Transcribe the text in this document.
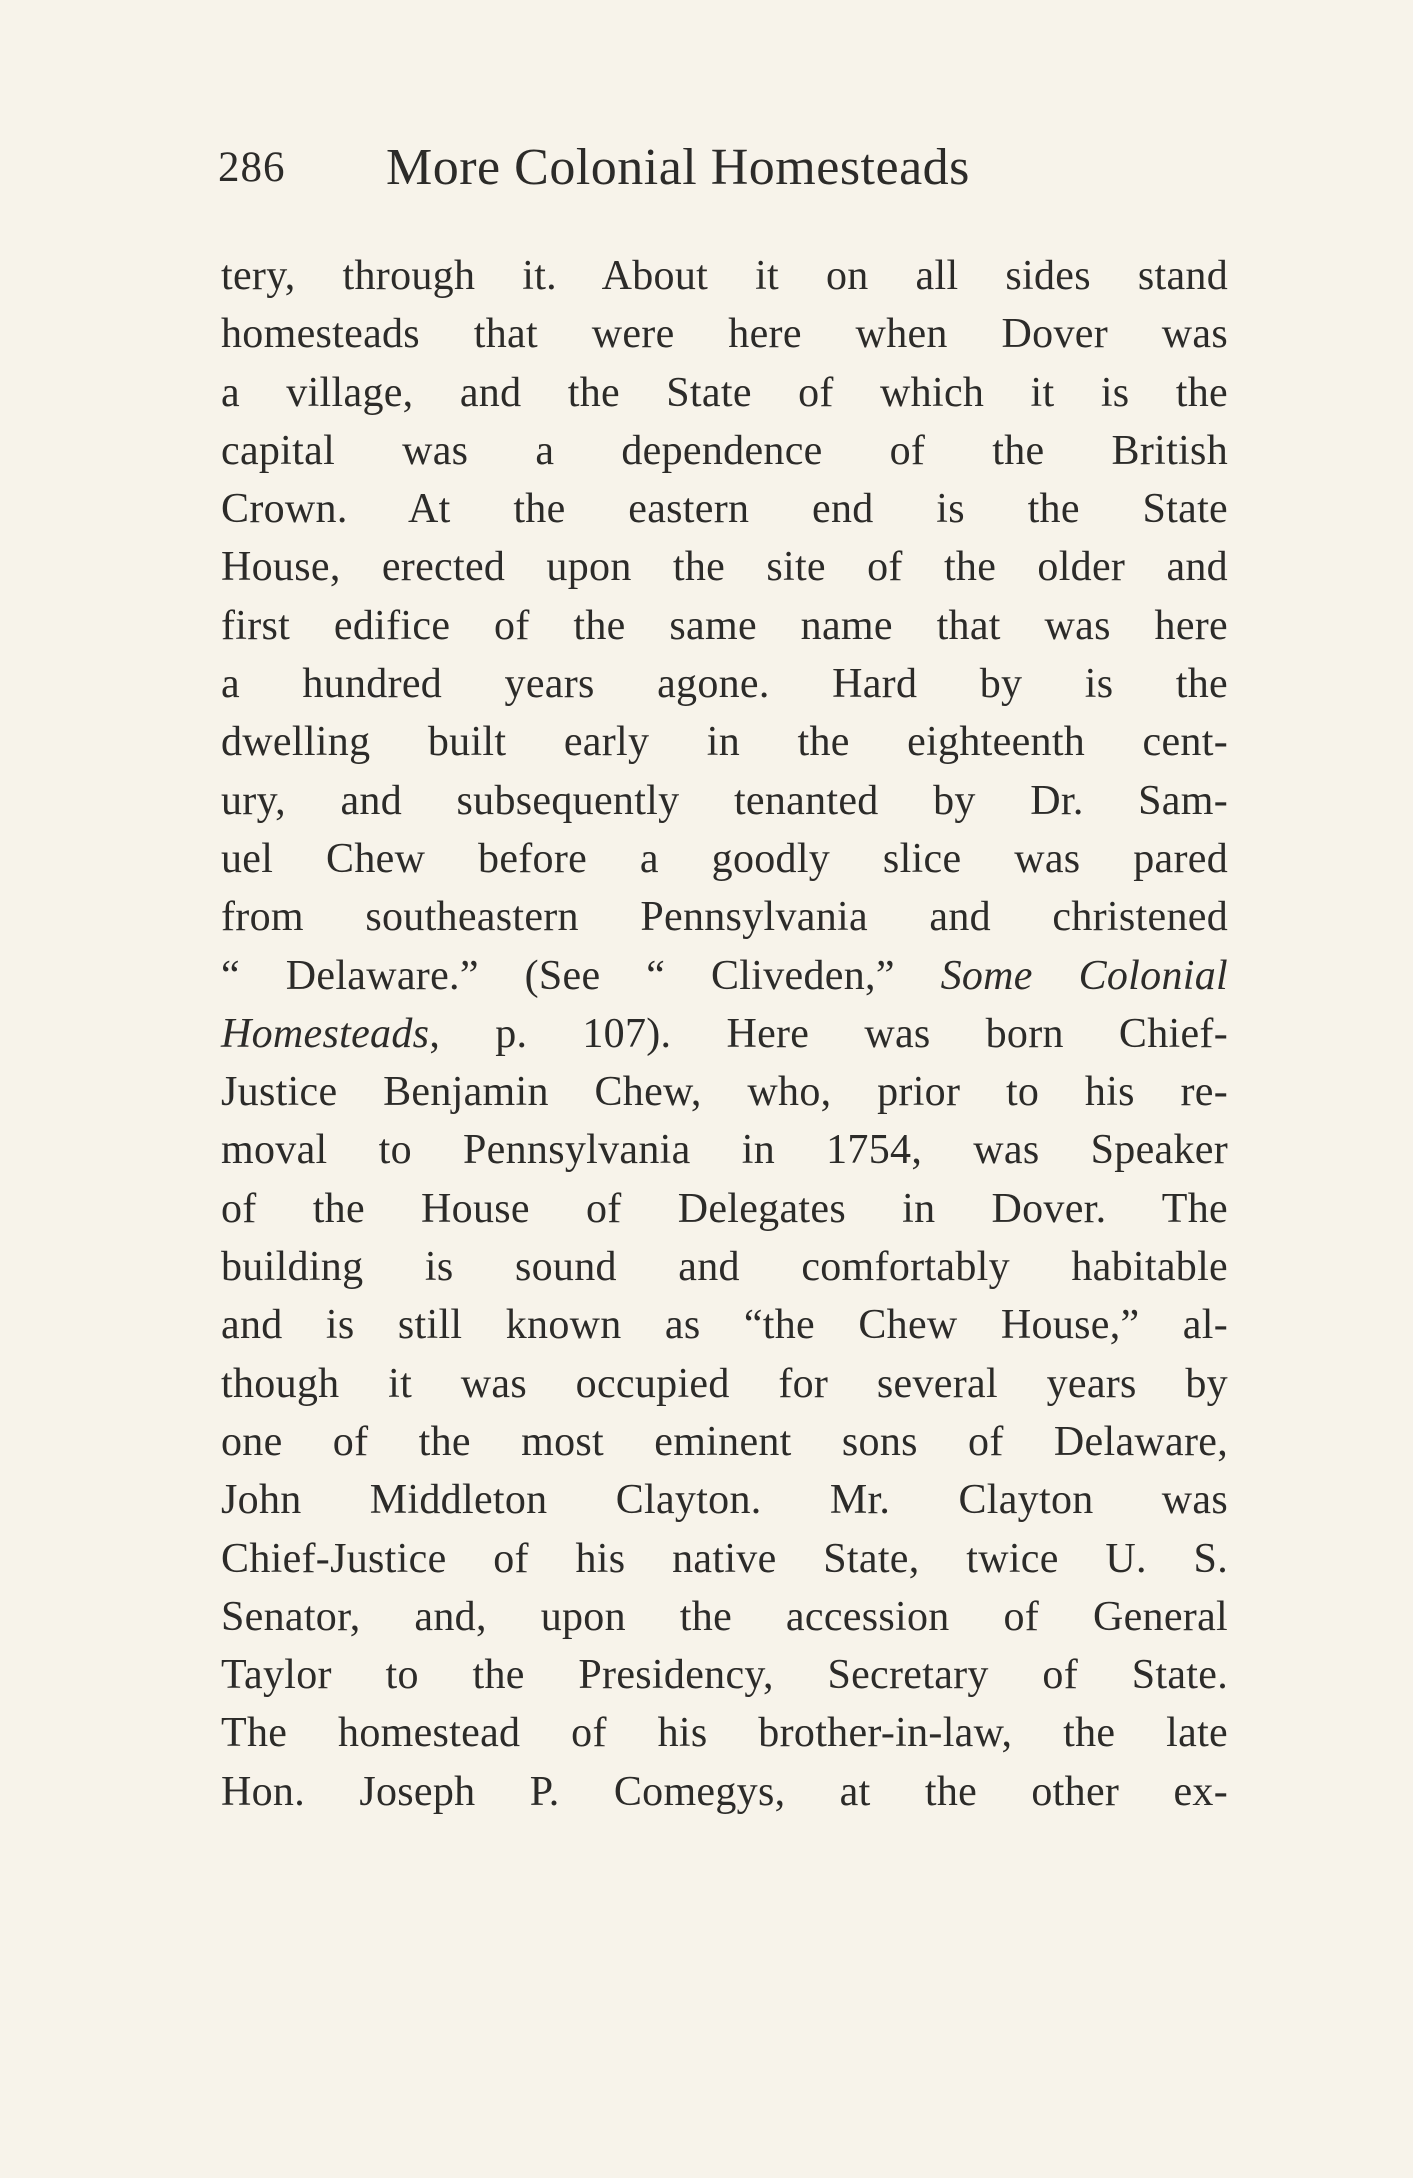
286 More Colonial Homesteads
tery, through it. About it on all sides stand
homesteads that were here when Dover was
a village, and the State of which it is the
capital was a dependence of the British
Crown. At the eastern end is the State
House, erected upon the site of the older and
first edifice of the same name that was here
a hundred years agone. Hard by is the
dwelling built early in the eighteenth cent-
ury, and subsequently tenanted by Dr. Sam-
uel Chew before a goodly slice was pared
from southeastern Pennsylvania and christened
“ Delaware.” (See “ Cliveden,” Some Colonial
Homesteads, p. 107). Here was born Chief-
Justice Benjamin Chew, who, prior to his re-
moval to Pennsylvania in 1754, was Speaker
of the House of Delegates in Dover. The
building is sound and comfortably habitable
and is still known as “the Chew House,” al-
though it was occupied for several years by
one of the most eminent sons of Delaware,
John Middleton Clayton. Mr. Clayton was
Chief-Justice of his native State, twice U. S.
Senator, and, upon the accession of General
Taylor to the Presidency, Secretary of State.
The homestead of his brother-in-law, the late
Hon. Joseph P. Comegys, at the other ex-
